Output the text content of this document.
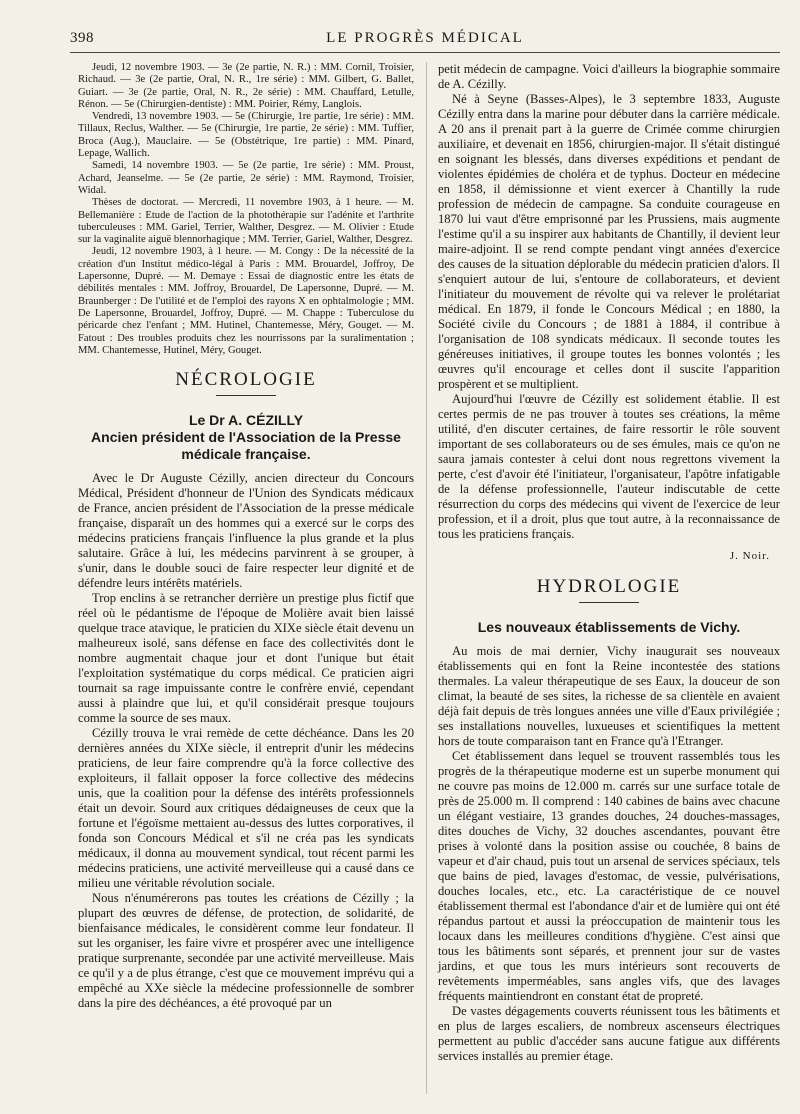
398	LE PROGRÈS MÉDICAL

Jeudi, 12 novembre 1903. — 3e (2e partie, N. R.) : MM. Cornil, Troisier, Richaud. — 3e (2e partie, Oral, N. R., 1re série) : MM. Gilbert, G. Ballet, Guiart. — 3e (2e partie, Oral, N. R., 2e série) : MM. Chauffard, Letulle, Rénon. — 5e (Chirurgien-dentiste) : MM. Poirier, Rémy, Langlois.

Vendredi, 13 novembre 1903. — 5e (Chirurgie, 1re partie, 1re série) : MM. Tillaux, Reclus, Walther. — 5e (Chirurgie, 1re partie, 2e série) : MM. Tuffier, Broca (Aug.), Mauclaire. — 5e (Obstétrique, 1re partie) : MM. Pinard, Lepage, Wallich.

Samedi, 14 novembre 1903. — 5e (2e partie, 1re série) : MM. Proust, Achard, Jeanselme. — 5e (2e partie, 2e série) : MM. Raymond, Troisier, Widal.

Thèses de doctorat. — Mercredi, 11 novembre 1903, à 1 heure. — M. Bellemanière : Etude de l'action de la photothérapie sur l'adénite et l'arthrite tuberculeuses : MM. Gariel, Terrier, Walther, Desgrez. — M. Olivier : Etude sur la vaginalite aiguë blennorhagique ; MM. Terrier, Gariel, Walther, Desgrez.

Jeudi, 12 novembre 1903, à 1 heure. — M. Congy : De la nécessité de la création d'un Institut médico-légal à Paris : MM. Brouardel, Joffroy, De Lapersonne, Dupré. — M. Demaye : Essai de diagnostic entre les états de débilités mentales : MM. Joffroy, Brouardel, De Lapersonne, Dupré. — M. Braunberger : De l'utilité et de l'emploi des rayons X en ophtalmologie ; MM. De Lapersonne, Brouardel, Joffroy, Dupré. — M. Chappe : Tuberculose du péricarde chez l'enfant ; MM. Hutinel, Chantemesse, Méry, Gouget. — M. Fatout : Des troubles produits chez les nourrissons par la suralimentation ; MM. Chantemesse, Hutinel, Méry, Gouget.

NÉCROLOGIE
Le Dr A. CÉZILLY
Ancien président de l'Association de la Presse médicale française.

Avec le Dr Auguste Cézilly, ancien directeur du Concours Médical, Président d'honneur de l'Union des Syndicats médicaux de France, ancien président de l'Association de la presse médicale française, disparaît un des hommes qui a exercé sur le corps des médecins praticiens français l'influence la plus grande et la plus salutaire. Grâce à lui, les médecins parvinrent à se grouper, à s'unir, dans le double souci de faire respecter leur dignité et de défendre leurs intérêts matériels.

Trop enclins à se retrancher derrière un prestige plus fictif que réel où le pédantisme de l'époque de Molière avait bien laissé quelque trace atavique, le praticien du XIXe siècle était devenu un malheureux isolé, sans défense en face des collectivités dont le nombre augmentait chaque jour et dont l'unique but était l'exploitation systématique du corps médical. Ce praticien aigri tournait sa rage impuissante contre le confrère envié, cependant aussi à plaindre que lui, et qu'il considérait presque toujours comme la source de ses maux.

Cézilly trouva le vrai remède de cette déchéance. Dans les 20 dernières années du XIXe siècle, il entreprit d'unir les médecins praticiens, de leur faire comprendre qu'à la force collective des exploiteurs, il fallait opposer la force collective des médecins unis, que la coalition pour la défense des intérêts professionnels était un devoir. Sourd aux critiques dédaigneuses de ceux que la fortune et l'égoïsme mettaient au-dessus des luttes corporatives, il fonda son Concours Médical et s'il ne créa pas les syndicats médicaux, il donna au mouvement syndical, tout récent parmi les médecins praticiens, une activité merveilleuse qui a causé dans ce milieu une véritable révolution sociale.

Nous n'énumérerons pas toutes les créations de Cézilly ; la plupart des œuvres de défense, de protection, de solidarité, de bienfaisance médicales, le considèrent comme leur fondateur. Il sut les organiser, les faire vivre et prospérer avec une intelligence pratique surprenante, secondée par une activité merveilleuse. Mais ce qu'il y a de plus étrange, c'est que ce mouvement imprévu qui a empêché au XXe siècle la médecine professionnelle de sombrer dans la pire des déchéances, a été provoqué par un

petit médecin de campagne. Voici d'ailleurs la biographie sommaire de A. Cézilly.

Né à Seyne (Basses-Alpes), le 3 septembre 1833, Auguste Cézilly entra dans la marine pour débuter dans la carrière médicale. A 20 ans il prenait part à la guerre de Crimée comme chirurgien auxiliaire, et devenait en 1856, chirurgien-major. Il s'était distingué en soignant les blessés, dans diverses expéditions et pendant de violentes épidémies de choléra et de typhus. Docteur en médecine en 1858, il démissionne et vient exercer à Chantilly la rude profession de médecin de campagne. Sa conduite courageuse en 1870 lui vaut d'être emprisonné par les Prussiens, mais augmente l'estime qu'il a su inspirer aux habitants de Chantilly, il devient leur maire-adjoint. Il se rend compte pendant vingt années d'exercice des causes de la situation déplorable du médecin praticien d'alors. Il s'enquiert autour de lui, s'entoure de collaborateurs, et devient l'initiateur du mouvement de révolte qui va relever le prolétariat médical. En 1879, il fonde le Concours Médical ; en 1880, la Société civile du Concours ; de 1881 à 1884, il contribue à l'organisation de 108 syndicats médicaux. Il seconde toutes les généreuses initiatives, il groupe toutes les bonnes volontés ; les œuvres qu'il encourage et celles dont il suscite l'apparition prospèrent et se multiplient.

Aujourd'hui l'œuvre de Cézilly est solidement établie. Il est certes permis de ne pas trouver à toutes ses créations, la même utilité, d'en discuter certaines, de faire ressortir le rôle souvent important de ses collaborateurs ou de ses émules, mais ce qu'on ne saura jamais contester à celui dont nous regrettons vivement la perte, c'est d'avoir été l'initiateur, l'organisateur, l'apôtre infatigable de la défense professionnelle, l'auteur indiscutable de cette résurrection du corps des médecins qui vivent de l'exercice de leur profession, et il a droit, plus que tout autre, à la reconnaissance de tous les praticiens français.

J. Noir.
HYDROLOGIE
Les nouveaux établissements de Vichy.

Au mois de mai dernier, Vichy inaugurait ses nouveaux établissements qui en font la Reine incontestée des stations thermales. La valeur thérapeutique de ses Eaux, la douceur de son climat, la beauté de ses sites, la richesse de sa clientèle en avaient déjà fait depuis de très longues années une ville d'Eaux privilégiée ; ses installations nouvelles, luxueuses et scientifiques la mettent hors de toute comparaison tant en France qu'à l'Etranger.

Cet établissement dans lequel se trouvent rassemblés tous les progrès de la thérapeutique moderne est un superbe monument qui ne couvre pas moins de 12.000 m. carrés sur une surface totale de près de 25.000 m. Il comprend : 140 cabines de bains avec chacune un élégant vestiaire, 13 grandes douches, 24 douches-massages, dites douches de Vichy, 32 douches ascendantes, pouvant être prises à volonté dans la position assise ou couchée, 8 bains de vapeur et d'air chaud, puis tout un arsenal de services spéciaux, tels que bains de pied, lavages d'estomac, de vessie, pulvérisations, douches locales, etc., etc. La caractéristique de ce nouvel établissement thermal est l'abondance d'air et de lumière qui ont été répandus partout et aussi la préoccupation de maintenir tous les locaux dans les meilleures conditions d'hygiène. C'est ainsi que tous les bâtiments sont séparés, et prennent jour sur de vastes jardins, et que tous les murs intérieurs sont recouverts de revêtements imperméables, sans angles vifs, que des lavages fréquents maintiendront en constant état de propreté.

De vastes dégagements couverts réunissent tous les bâtiments et en plus de larges escaliers, de nombreux ascenseurs électriques permettent au public d'accéder sans aucune fatigue aux différents services installés au premier étage.
